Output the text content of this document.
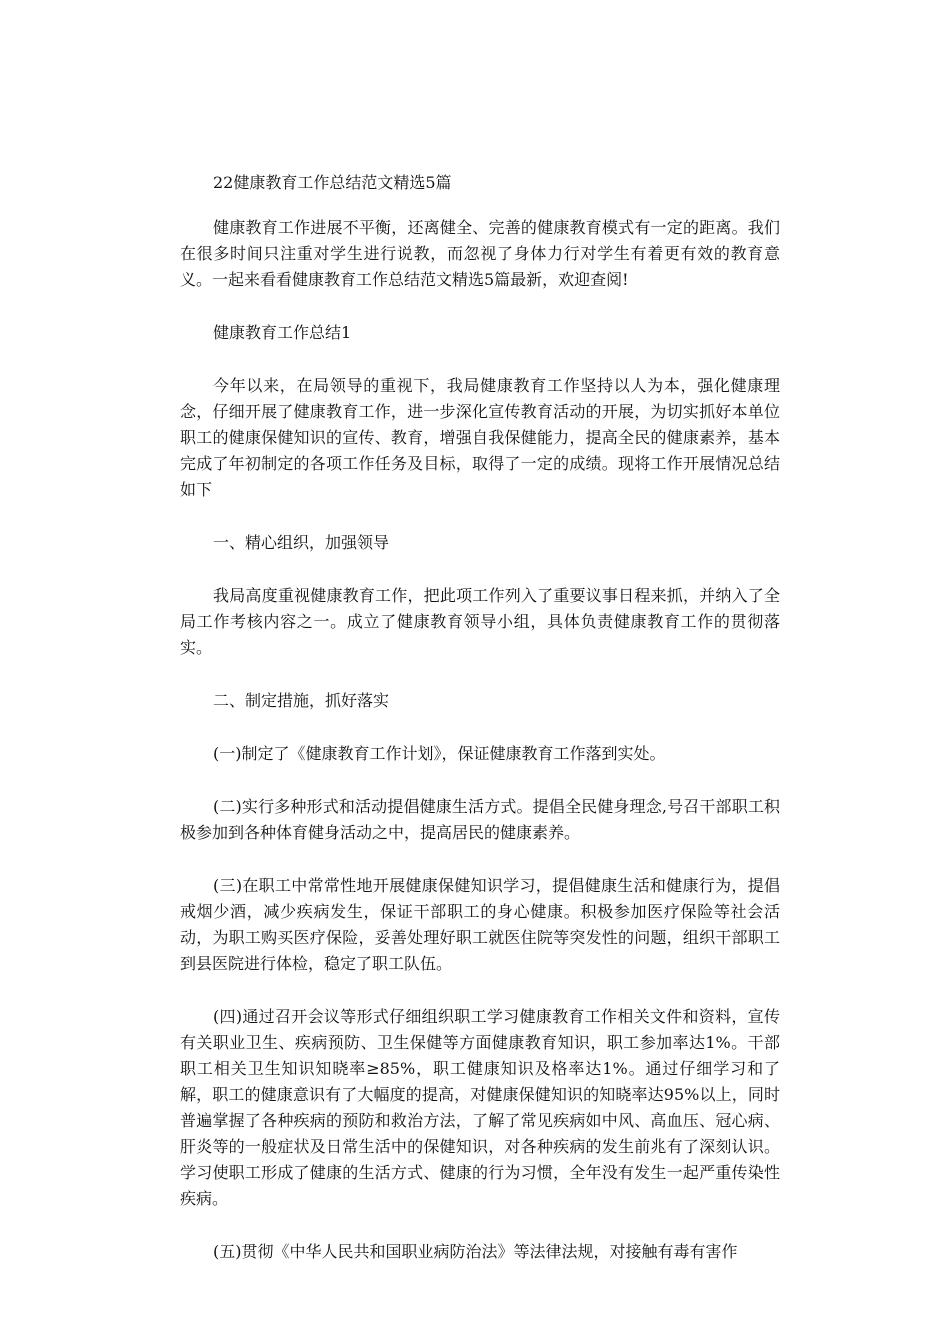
22健康教育工作总结范文精选5篇

健康教育工作进展不平衡，还离健全、完善的健康教育模式有一定的距离。我们在很多时间只注重对学生进行说教，而忽视了身体力行对学生有着更有效的教育意义。一起来看看健康教育工作总结范文精选5篇最新，欢迎查阅!

健康教育工作总结1

今年以来，在局领导的重视下，我局健康教育工作坚持以人为本，强化健康理念，仔细开展了健康教育工作，进一步深化宣传教育活动的开展，为切实抓好本单位职工的健康保健知识的宣传、教育，增强自我保健能力，提高全民的健康素养，基本完成了年初制定的各项工作任务及目标，取得了一定的成绩。现将工作开展情况总结如下

一、精心组织，加强领导

我局高度重视健康教育工作，把此项工作列入了重要议事日程来抓，并纳入了全局工作考核内容之一。成立了健康教育领导小组，具体负责健康教育工作的贯彻落实。

二、制定措施，抓好落实

(一)制定了《健康教育工作计划》，保证健康教育工作落到实处。

(二)实行多种形式和活动提倡健康生活方式。提倡全民健身理念,号召干部职工积极参加到各种体育健身活动之中，提高居民的健康素养。

(三)在职工中常常性地开展健康保健知识学习，提倡健康生活和健康行为，提倡戒烟少酒，减少疾病发生，保证干部职工的身心健康。积极参加医疗保险等社会活动，为职工购买医疗保险，妥善处理好职工就医住院等突发性的问题，组织干部职工到县医院进行体检，稳定了职工队伍。

(四)通过召开会议等形式仔细组织职工学习健康教育工作相关文件和资料，宣传有关职业卫生、疾病预防、卫生保健等方面健康教育知识，职工参加率达1%。干部职工相关卫生知识知晓率≥85%，职工健康知识及格率达1%。通过仔细学习和了解，职工的健康意识有了大幅度的提高，对健康保健知识的知晓率达95%以上，同时普遍掌握了各种疾病的预防和救治方法，了解了常见疾病如中风、高血压、冠心病、肝炎等的一般症状及日常生活中的保健知识，对各种疾病的发生前兆有了深刻认识。学习使职工形成了健康的生活方式、健康的行为习惯，全年没有发生一起严重传染性疾病。

(五)贯彻《中华人民共和国职业病防治法》等法律法规，对接触有毒有害作
